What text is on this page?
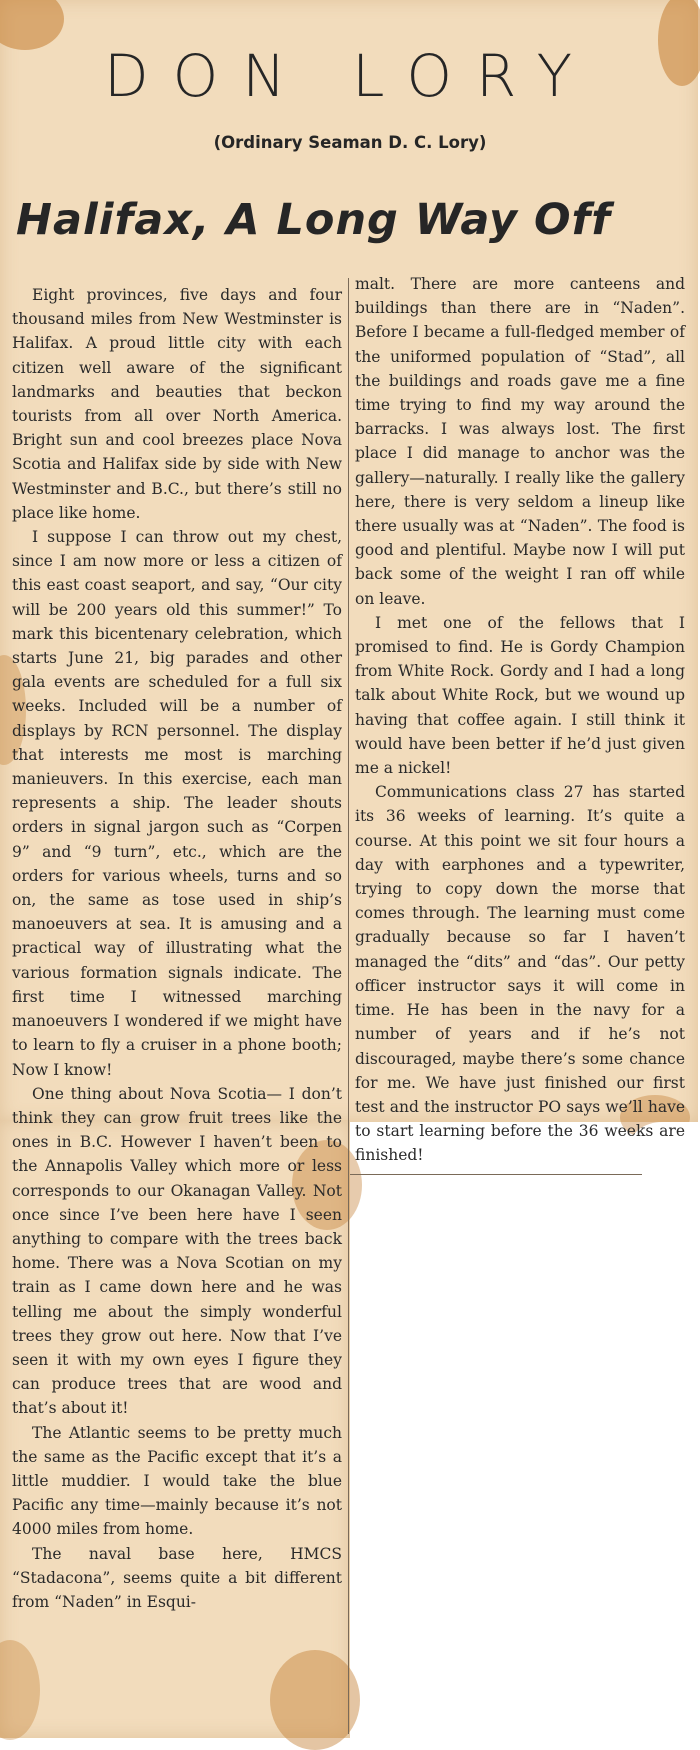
DON LORY
(Ordinary Seaman D. C. Lory)
Halifax, A Long Way Off

Eight provinces, five days and four thousand miles from New Westminster is Halifax. A proud little city with each citizen well aware of the significant landmarks and beauties that beckon tourists from all over North America. Bright sun and cool breezes place Nova Scotia and Halifax side by side with New Westminster and B.C., but there’s still no place like home.

I suppose I can throw out my chest, since I am now more or less a citizen of this east coast seaport, and say, “Our city will be 200 years old this summer!” To mark this bicentenary celebration, which starts June 21, big parades and other gala events are scheduled for a full six weeks. Included will be a number of displays by RCN personnel. The display that interests me most is marching manieuvers. In this exercise, each man represents a ship. The leader shouts orders in signal jargon such as “Corpen 9” and “9 turn”, etc., which are the orders for various wheels, turns and so on, the same as tose used in ship’s manoeuvers at sea. It is amusing and a practical way of illustrating what the various formation signals indicate. The first time I witnessed marching manoeuvers I wondered if we might have to learn to fly a cruiser in a phone booth; Now I know!

One thing about Nova Scotia— I don’t think they can grow fruit trees like the ones in B.C. However I haven’t been to the Annapolis Valley which more or less corresponds to our Okanagan Valley. Not once since I’ve been here have I seen anything to compare with the trees back home. There was a Nova Scotian on my train as I came down here and he was telling me about the simply wonderful trees they grow out here. Now that I’ve seen it with my own eyes I figure they can produce trees that are wood and that’s about it!

The Atlantic seems to be pretty much the same as the Pacific except that it’s a little muddier. I would take the blue Pacific any time—mainly because it’s not 4000 miles from home.

The naval base here, HMCS “Stadacona”, seems quite a bit different from “Naden” in Esqui-

malt. There are more canteens and buildings than there are in “Naden”. Before I became a full-fledged member of the uniformed population of “Stad”, all the buildings and roads gave me a fine time trying to find my way around the barracks. I was always lost. The first place I did manage to anchor was the gallery—naturally. I really like the gallery here, there is very seldom a lineup like there usually was at “Naden”. The food is good and plentiful. Maybe now I will put back some of the weight I ran off while on leave.

I met one of the fellows that I promised to find. He is Gordy Champion from White Rock. Gordy and I had a long talk about White Rock, but we wound up having that coffee again. I still think it would have been better if he’d just given me a nickel!

Communications class 27 has started its 36 weeks of learning. It’s quite a course. At this point we sit four hours a day with earphones and a typewriter, trying to copy down the morse that comes through. The learning must come gradually because so far I haven’t managed the “dits” and “das”. Our petty officer instructor says it will come in time. He has been in the navy for a number of years and if he’s not discouraged, maybe there’s some chance for me. We have just finished our first test and the instructor PO says we’ll have to start learning before the 36 weeks are finished!
